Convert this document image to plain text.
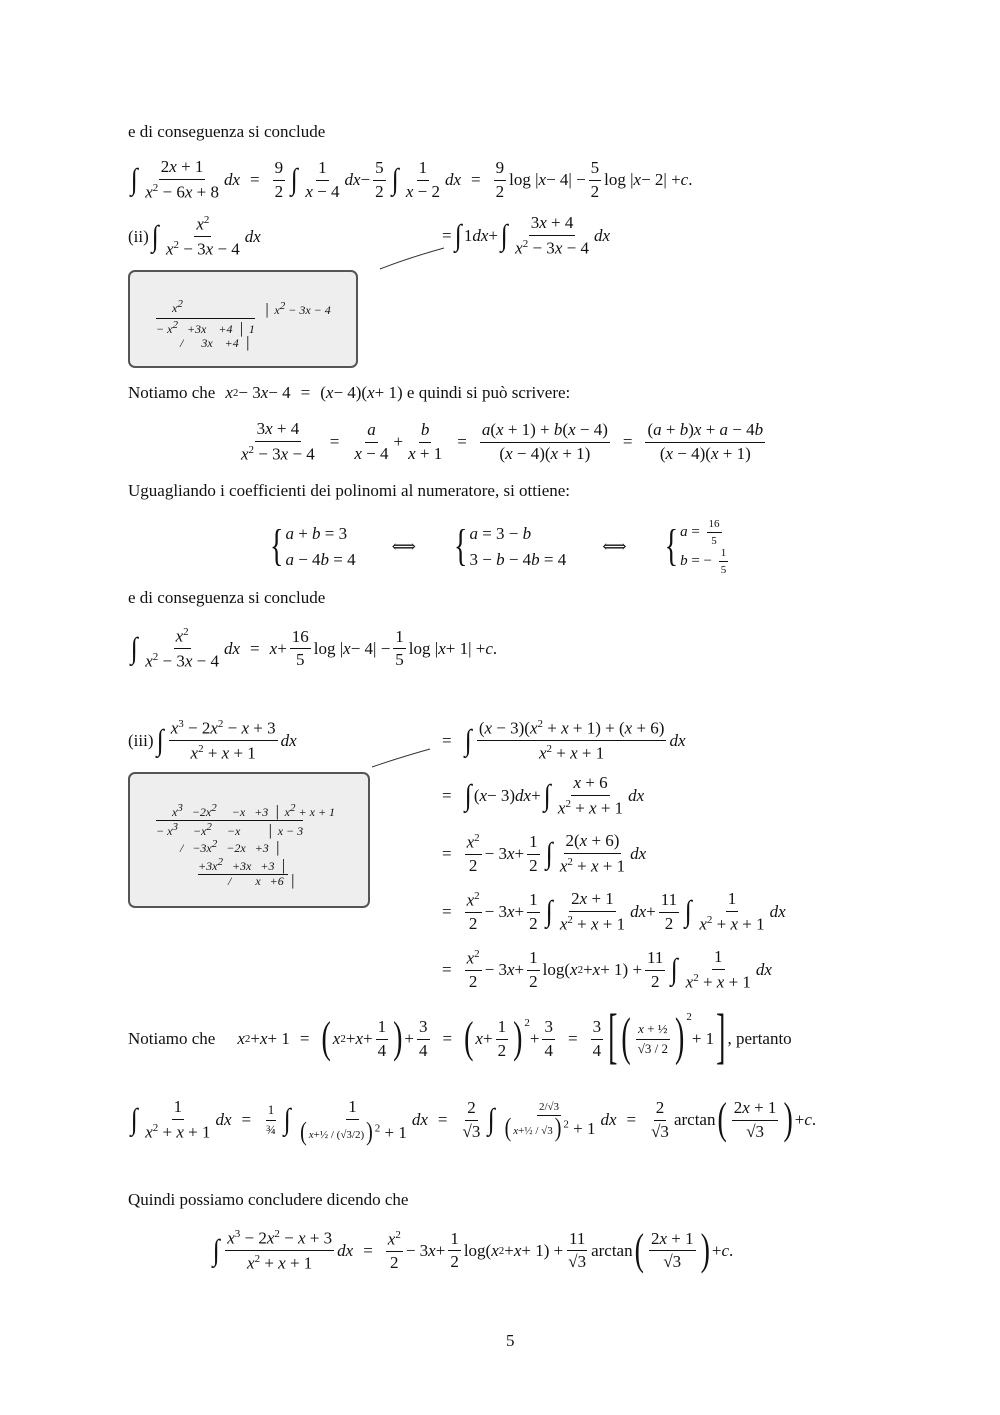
e di conseguenza si conclude
∫ 2x + 1
$x^2 - 6x + 8$
dx =
9
2 ∫ 1
x − 4
dx −
5
2 ∫ 1
x − 2
dx =
9
2
log | x − 4| −
5
2
log | x − 2| + c .
(ii) ∫ $x^2$
$x^2 - 3x - 4$
dx	= ∫ 1 dx + ∫ 3x + 4
$x^2 - 3x - 4$
dx
$x^2$	│ $x^2 - 3x - 4$
− $x^2 +3x$    +4  │ 1
/      3x    +4  │
Notiamo che x 2 − 3 x − 4
=
( x − 4)( x + 1) e quindi si può scrivere:
3x + 4
$x^2 - 3x - 4$
=
a
x − 4
+
b
x + 1
=
a(x + 1) + b(x − 4)
(x − 4)(x + 1)
=
(a + b)x + a − 4b
(x − 4)(x + 1)
Uguagliando i coefficienti dei polinomi al numeratore, si ottiene:
{ a + b = 3
a − 4b = 4
⟺ { a = 3 − b
3 − b − 4b = 4
⟺ { $a = \frac{16}{5}$
b = − $\frac{1}{5}$
e di conseguenza si conclude
∫ $x^2$
$x^2 - 3x - 4$
dx = x +
16
5
log | x − 4| −
1
5
log | x + 1| + c .
(iii) ∫ $x^3 - 2x^2 - x + 3$
$x^2 + x + 1$
dx	= ∫ $(x - 3)(x^2 + x + 1) + (x + 6)$
$x^2 + x + 1$
dx
= ∫ ( x − 3) dx + ∫ x + 6
$x^2 + x + 1$
dx
=
$x^2$
2
− 3 x +
1
2 ∫ 2(x + 6)
$x^2 + x + 1$
dx
=
$x^2$
2
− 3 x +
1
2 ∫ 2x + 1
$x^2 + x + 1$
dx +
11
2 ∫ 1
$x^2 + x + 1$
dx
=
$x^2$
2
− 3 x +
1
2
log( x 2 + x + 1) +
11
2 ∫ 1
$x^2 + x + 1$
dx
$x^3 -2x^2$     −x   +3  │ $x^2 + x + 1$
− $x^3$     $-x^2$     −x         │ x − 3
/   $-3x^2 -2x +3$  │
$+3x^2 +3x +3$  │
/        x   +6  │
Notiamo che x 2 + x + 1 = ( x 2 + x +
1
4 ) +
3
4
= ( x +
1
2 )$^2$
+
3
4
=
3
4 [ ( x + ½
√3 / 2 )$^2$
+ 1 ] , pertanto
∫ 1
$x^2 + x + 1$
dx =
1
¾ ∫	1
( x+½ / (√3/2) ) $^2$ + 1
dx =
2
√3 ∫	2/√3
( x+½ / √3 ) $^2$ + 1 dx =
2
√3
arctan ( 2x + 1
√3 ) + c .
Quindi possiamo concludere dicendo che
∫ $x^3 - 2x^2 - x + 3$
$x^2 + x + 1$
dx =
$x^2$
2
− 3 x +
1
2
log( x 2 + x + 1) +
11
√3
arctan ( 2x + 1
√3 ) + c .
5
